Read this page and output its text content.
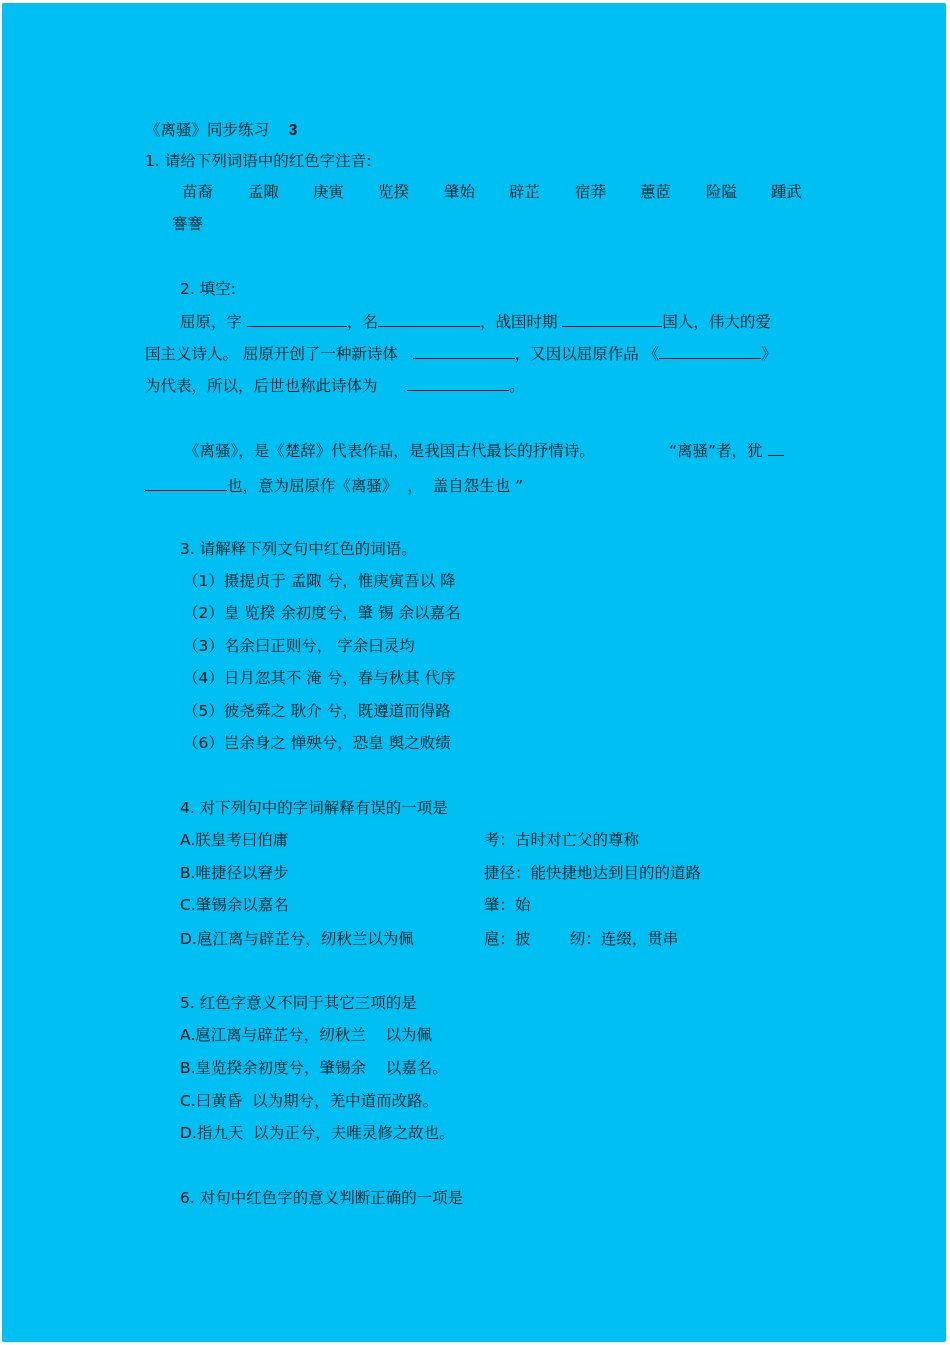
《离骚》同步练习 3
1. 请给下列词语中的红色字注音:
苗裔 孟陬 庚寅 览揆 肇始 辟芷 宿莽 蕙茝 险隘 踵武
謇謇
2. 填空:
屈原，字	，名	，战国时期	国人，伟大的爱
国主义诗人。 屈原开创了一种新诗体	，又因以屈原作品 《	》
为代表，所以，后世也称此诗体为	。
《离骚》，是《楚辞》代表作品，是我国古代最长的抒情诗。	“离骚”者，犹
也，意为屈原作《离骚》 ， 盖自怨生也 ”
3. 请解释下列文句中红色的词语。
（1）摄提贞于 孟陬 兮，惟庚寅吾以 降
（2）皇 览揆 余初度兮，肇 锡 余以嘉名
（3）名余曰正则兮， 字余曰灵均
（4）日月忽其不 淹 兮，春与秋其 代序
（5）彼尧舜之 耿介 兮，既遵道而得路
（6）岂余身之 惮殃兮，恐皇 舆之败绩
4. 对下列句中的字词解释有误的一项是
A.朕皇考曰伯庸	考：古时对亡父的尊称
B.唯捷径以窘步	捷径：能快捷地达到目的的道路
C.肇锡余以嘉名	肇：始
D.扈江离与辟芷兮，纫秋兰以为佩	扈：披        纫：连缀，贯串
5. 红色字意义不同于其它三项的是
A.扈江离与辟芷兮，纫秋兰    以为佩
B.皇览揆余初度兮，肇锡余    以嘉名。
C.曰黄昏  以为期兮，羌中道而改路。
D.指九天  以为正兮，夫唯灵修之故也。
6. 对句中红色字的意义判断正确的一项是
